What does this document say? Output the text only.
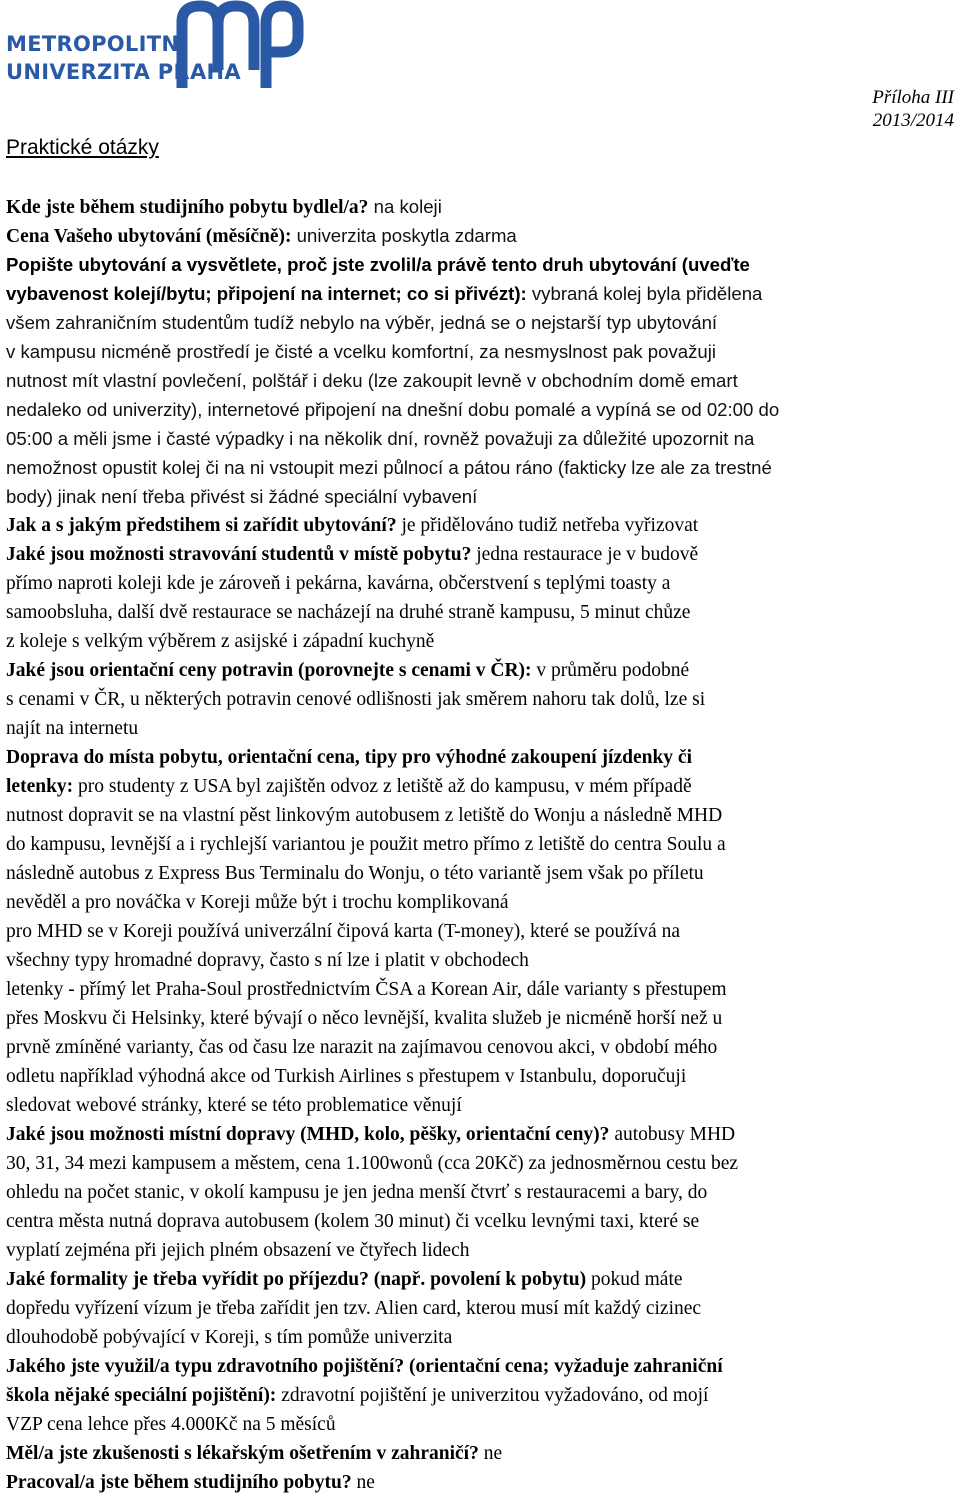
METROPOLITNÍ
UNIVERZITA PRAHA
Příloha III
2013/2014
Praktické otázky
Kde jste během studijního pobytu bydlel/a? na koleji
Cena Vašeho ubytování (měsíčně): univerzita poskytla zdarma
Popište ubytování a vysvětlete, proč jste zvolil/a právě tento druh ubytování (uveďte
vybavenost kolejí/bytu; připojení na internet; co si přivézt): vybraná kolej byla přidělena
všem zahraničním studentům tudíž nebylo na výběr, jedná se o nejstarší typ ubytování
v kampusu nicméně prostředí je čisté a vcelku komfortní, za nesmyslnost pak považuji
nutnost mít vlastní povlečení, polštář i deku (lze zakoupit levně v obchodním domě emart
nedaleko od univerzity), internetové připojení na dnešní dobu pomalé a vypíná se od 02:00 do
05:00 a měli jsme i časté výpadky i na několik dní, rovněž považuji za důležité upozornit na
nemožnost opustit kolej či na ni vstoupit mezi půlnocí a pátou ráno (fakticky lze ale za trestné
body) jinak není třeba přivést si žádné speciální vybavení
Jak a s jakým předstihem si zařídit ubytování? je přidělováno tudiž netřeba vyřizovat
Jaké jsou možnosti stravování studentů v místě pobytu? jedna restaurace je v budově
přímo naproti koleji kde je zároveň i pekárna, kavárna, občerstvení s teplými toasty a
samoobsluha, další dvě restaurace se nacházejí na druhé straně kampusu, 5 minut chůze
z koleje s velkým výběrem z asijské i západní kuchyně
Jaké jsou orientační ceny potravin (porovnejte s cenami v ČR): v průměru podobné
s cenami v ČR, u některých potravin cenové odlišnosti jak směrem nahoru tak dolů, lze si
najít na internetu
Doprava do místa pobytu, orientační cena, tipy pro výhodné zakoupení jízdenky či
letenky: pro studenty z USA byl zajištěn odvoz z letiště až do kampusu, v mém případě
nutnost dopravit se na vlastní pěst linkovým autobusem z letiště do Wonju a následně MHD
do kampusu, levnější a i rychlejší variantou je použit metro přímo z letiště do centra Soulu a
následně autobus z Express Bus Terminalu do Wonju, o této variantě jsem však po příletu
nevěděl a pro nováčka v Koreji může být i trochu komplikovaná
pro MHD se v Koreji používá univerzální čipová karta (T-money), které se používá na
všechny typy hromadné dopravy, často s ní lze i platit v obchodech
letenky - přímý let Praha-Soul prostřednictvím ČSA a Korean Air, dále varianty s přestupem
přes Moskvu či Helsinky, které bývají o něco levnější, kvalita služeb je nicméně horší než u
prvně zmíněné varianty, čas od času lze narazit na zajímavou cenovou akci, v období mého
odletu například výhodná akce od Turkish Airlines s přestupem v Istanbulu, doporučuji
sledovat webové stránky, které se této problematice věnují
Jaké jsou možnosti místní dopravy (MHD, kolo, pěšky, orientační ceny)? autobusy MHD
30, 31, 34 mezi kampusem a městem, cena 1.100wonů (cca 20Kč) za jednosměrnou cestu bez
ohledu na počet stanic, v okolí kampusu je jen jedna menší čtvrť s restauracemi a bary, do
centra města nutná doprava autobusem (kolem 30 minut) či vcelku levnými taxi, které se
vyplatí zejména při jejich plném obsazení ve čtyřech lidech
Jaké formality je třeba vyřídit po příjezdu? (např. povolení k pobytu) pokud máte
dopředu vyřízení vízum je třeba zařídit jen tzv. Alien card, kterou musí mít každý cizinec
dlouhodobě pobývající v Koreji, s tím pomůže univerzita
Jakého jste využil/a typu zdravotního pojištění? (orientační cena; vyžaduje zahraniční
škola nějaké speciální pojištění): zdravotní pojištění je univerzitou vyžadováno, od mojí
VZP cena lehce přes 4.000Kč na 5 měsíců
Měl/a jste zkušenosti s lékařským ošetřením v zahraničí? ne
Pracoval/a jste během studijního pobytu? ne
